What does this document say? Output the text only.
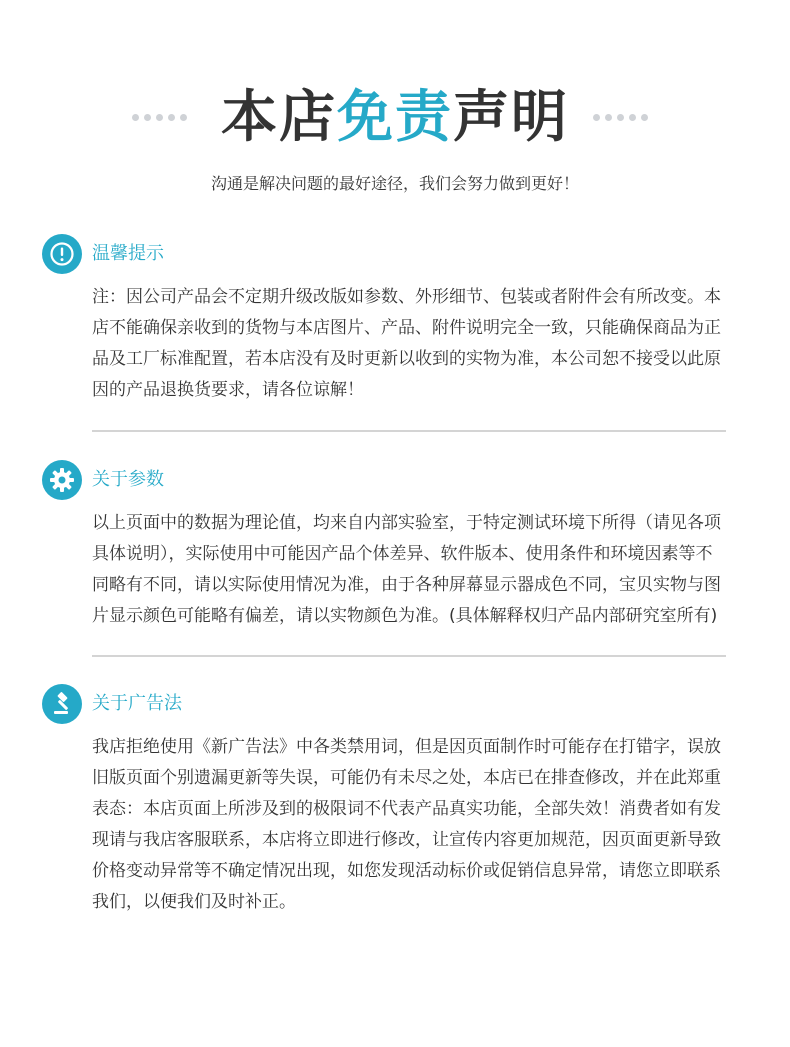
本店免责声明
沟通是解决问题的最好途径，我们会努力做到更好！
温馨提示
注：因公司产品会不定期升级改版如参数、外形细节、包装或者附件会有所改变。本店不能确保亲收到的货物与本店图片、产品、附件说明完全一致，只能确保商品为正品及工厂标准配置，若本店没有及时更新以收到的实物为准，本公司恕不接受以此原因的产品退换货要求，请各位谅解！
关于参数
以上页面中的数据为理论值，均来自内部实验室，于特定测试环境下所得（请见各项具体说明），实际使用中可能因产品个体差异、软件版本、使用条件和环境因素等不同略有不同，请以实际使用情况为准，由于各种屏幕显示器成色不同，宝贝实物与图片显示颜色可能略有偏差，请以实物颜色为准。(具体解释权归产品内部研究室所有)
关于广告法
我店拒绝使用《新广告法》中各类禁用词，但是因页面制作时可能存在打错字，误放旧版页面个别遗漏更新等失误，可能仍有未尽之处，本店已在排查修改，并在此郑重表态：本店页面上所涉及到的极限词不代表产品真实功能，全部失效！消费者如有发现请与我店客服联系，本店将立即进行修改，让宣传内容更加规范，因页面更新导致价格变动异常等不确定情况出现，如您发现活动标价或促销信息异常，请您立即联系我们，以便我们及时补正。
